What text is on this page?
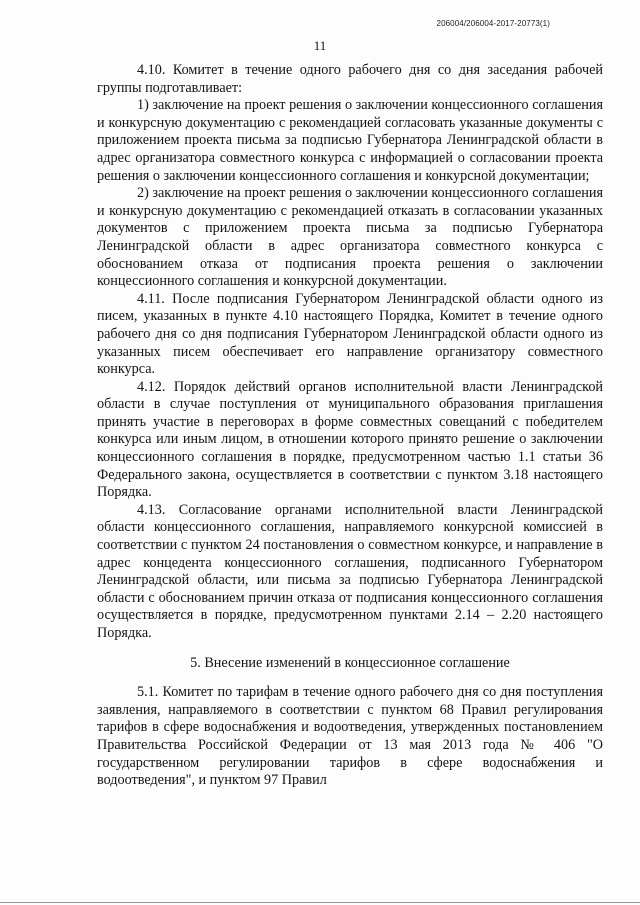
206004/206004-2017-20773(1)
11

4.10. Комитет в течение одного рабочего дня со дня заседания рабочей группы подготавливает:

1) заключение на проект решения о заключении концессионного соглашения и конкурсную документацию с рекомендацией согласовать указанные документы с приложением проекта письма за подписью Губернатора Ленинградской области в адрес организатора совместного конкурса с информацией о согласовании проекта решения о заключении концессионного соглашения и конкурсной документации;

2) заключение на проект решения о заключении концессионного соглашения и конкурсную документацию с рекомендацией отказать в согласовании указанных документов с приложением проекта письма за подписью Губернатора Ленинградской области в адрес организатора совместного конкурса с обоснованием отказа от подписания проекта решения о заключении концессионного соглашения и конкурсной документации.

4.11. После подписания Губернатором Ленинградской области одного из писем, указанных в пункте 4.10 настоящего Порядка, Комитет в течение одного рабочего дня со дня подписания Губернатором Ленинградской области одного из указанных писем обеспечивает его направление организатору совместного конкурса.

4.12. Порядок действий органов исполнительной власти Ленинградской области в случае поступления от муниципального образования приглашения принять участие в переговорах в форме совместных совещаний с победителем конкурса или иным лицом, в отношении которого принято решение о заключении концессионного соглашения в порядке, предусмотренном частью 1.1 статьи 36 Федерального закона, осуществляется в соответствии с пунктом 3.18 настоящего Порядка.

4.13. Согласование органами исполнительной власти Ленинградской области концессионного соглашения, направляемого конкурсной комиссией в соответствии с пунктом 24 постановления о совместном конкурсе, и направление в адрес концедента концессионного соглашения, подписанного Губернатором Ленинградской области, или письма за подписью Губернатора Ленинградской области с обоснованием причин отказа от подписания концессионного соглашения осуществляется в порядке, предусмотренном пунктами 2.14 – 2.20 настоящего Порядка.

5. Внесение изменений в концессионное соглашение

5.1. Комитет по тарифам в течение одного рабочего дня со дня поступления заявления, направляемого в соответствии с пунктом 68 Правил регулирования тарифов в сфере водоснабжения и водоотведения, утвержденных постановлением Правительства Российской Федерации от 13 мая 2013 года № 406 "О государственном регулировании тарифов в сфере водоснабжения и водоотведения", и пунктом 97 Правил
